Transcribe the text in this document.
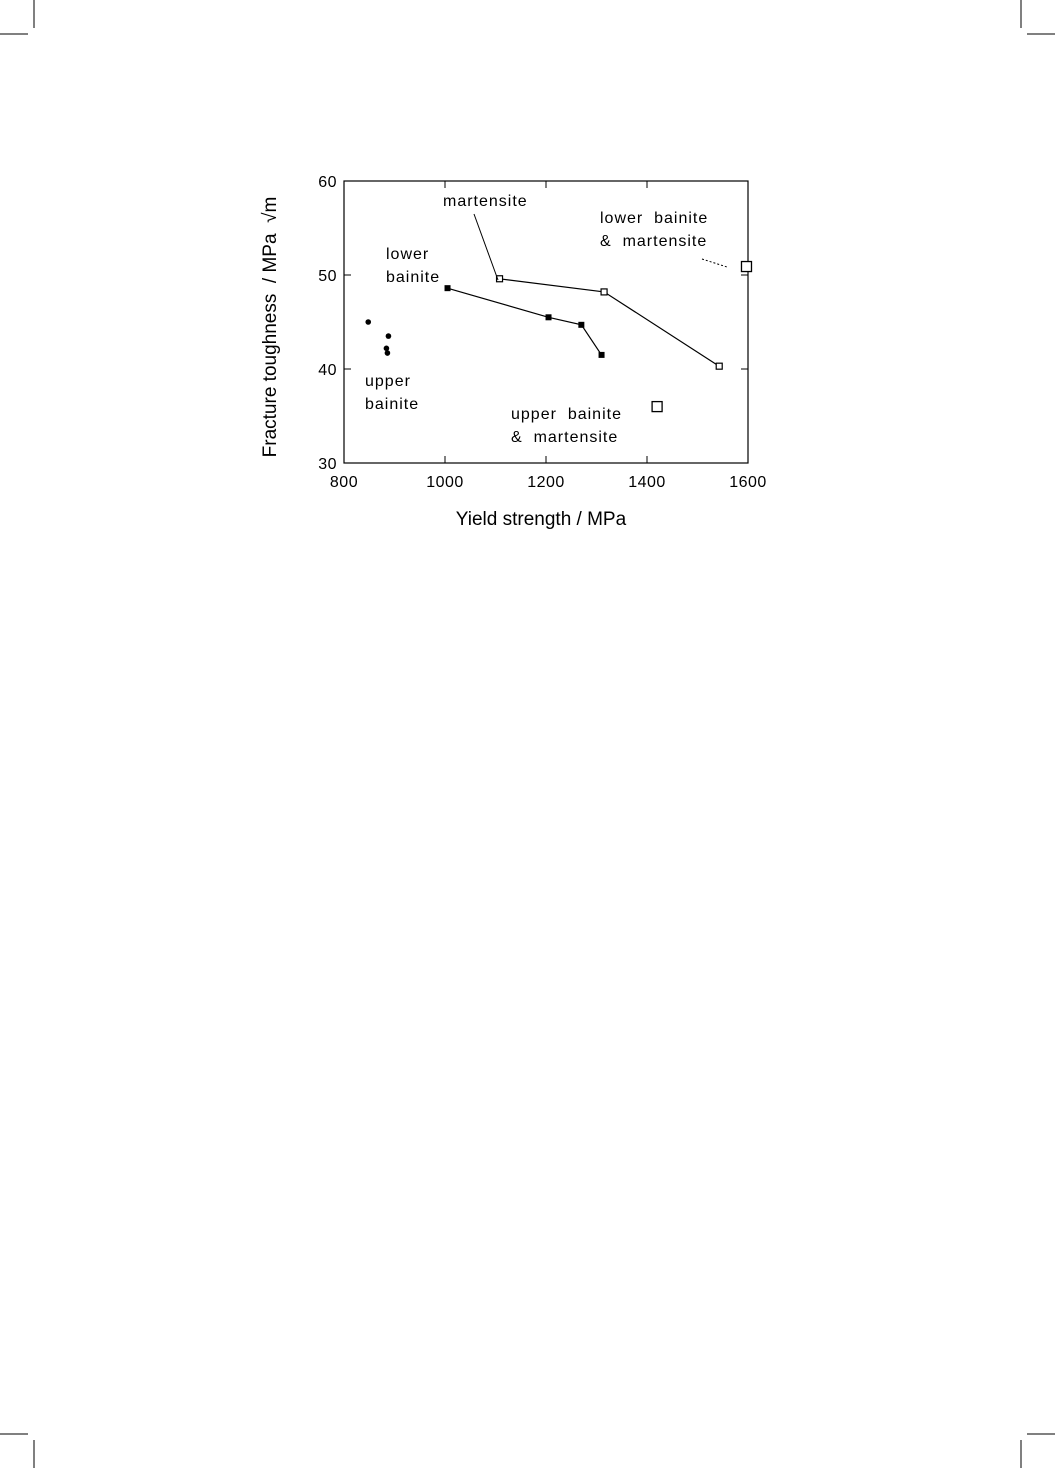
800	1000	1200	1400	1600
30
40
50
60
martensite
lower
bainite
upper
bainite
upper  bainite
&  martensite
lower  bainite
&  martensite
Yield strength / MPa
Fracture toughness  / MPa  √m
